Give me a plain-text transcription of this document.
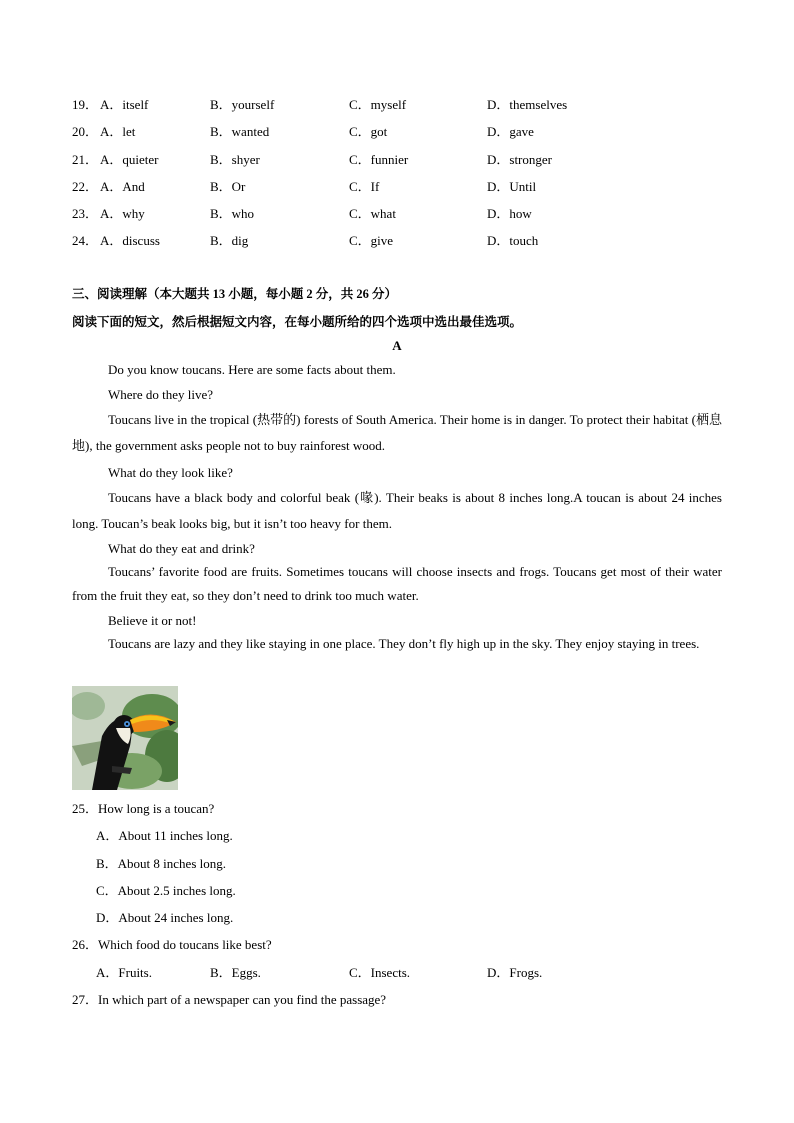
19． A．itself	B．yourself	C．myself	D．themselves
20． A．let	B．wanted	C．got	D．gave
21． A．quieter	B．shyer	C．funnier	D．stronger
22． A．And	B．Or	C．If	D．Until
23． A．why	B．who	C．what	D．how
24． A．discuss	B．dig	C．give	D．touch
三、阅读理解（本大题共 13 小题，每小题 2 分，共 26 分）
阅读下面的短文，然后根据短文内容，在每小题所给的四个选项中选出最佳选项。
A
Do you know toucans. Here are some facts about them.
Where do they live?
Toucans live in the tropical (热带的) forests of South America. Their home is in danger. To protect their habitat (栖息地), the government asks people not to buy rainforest wood.
What do they look like?
Toucans have a black body and colorful beak (喙). Their beaks is about 8 inches long.A toucan is about 24 inches long. Toucan’s beak looks big, but it isn’t too heavy for them.
What do they eat and drink?
Toucans’ favorite food are fruits. Sometimes toucans will choose insects and frogs. Toucans get most of their water from the fruit they eat, so they don’t need to drink too much water.
Believe it or not!
Toucans are lazy and they like staying in one place. They don’t fly high up in the sky. They enjoy staying in trees.
25．How long is a toucan?
A．About 11 inches long.
B．About 8 inches long.
C．About 2.5 inches long.
D．About 24 inches long.
26．Which food do toucans like best?
A．Fruits.	B．Eggs.	C．Insects.	D．Frogs.
27．In which part of a newspaper can you find the passage?
